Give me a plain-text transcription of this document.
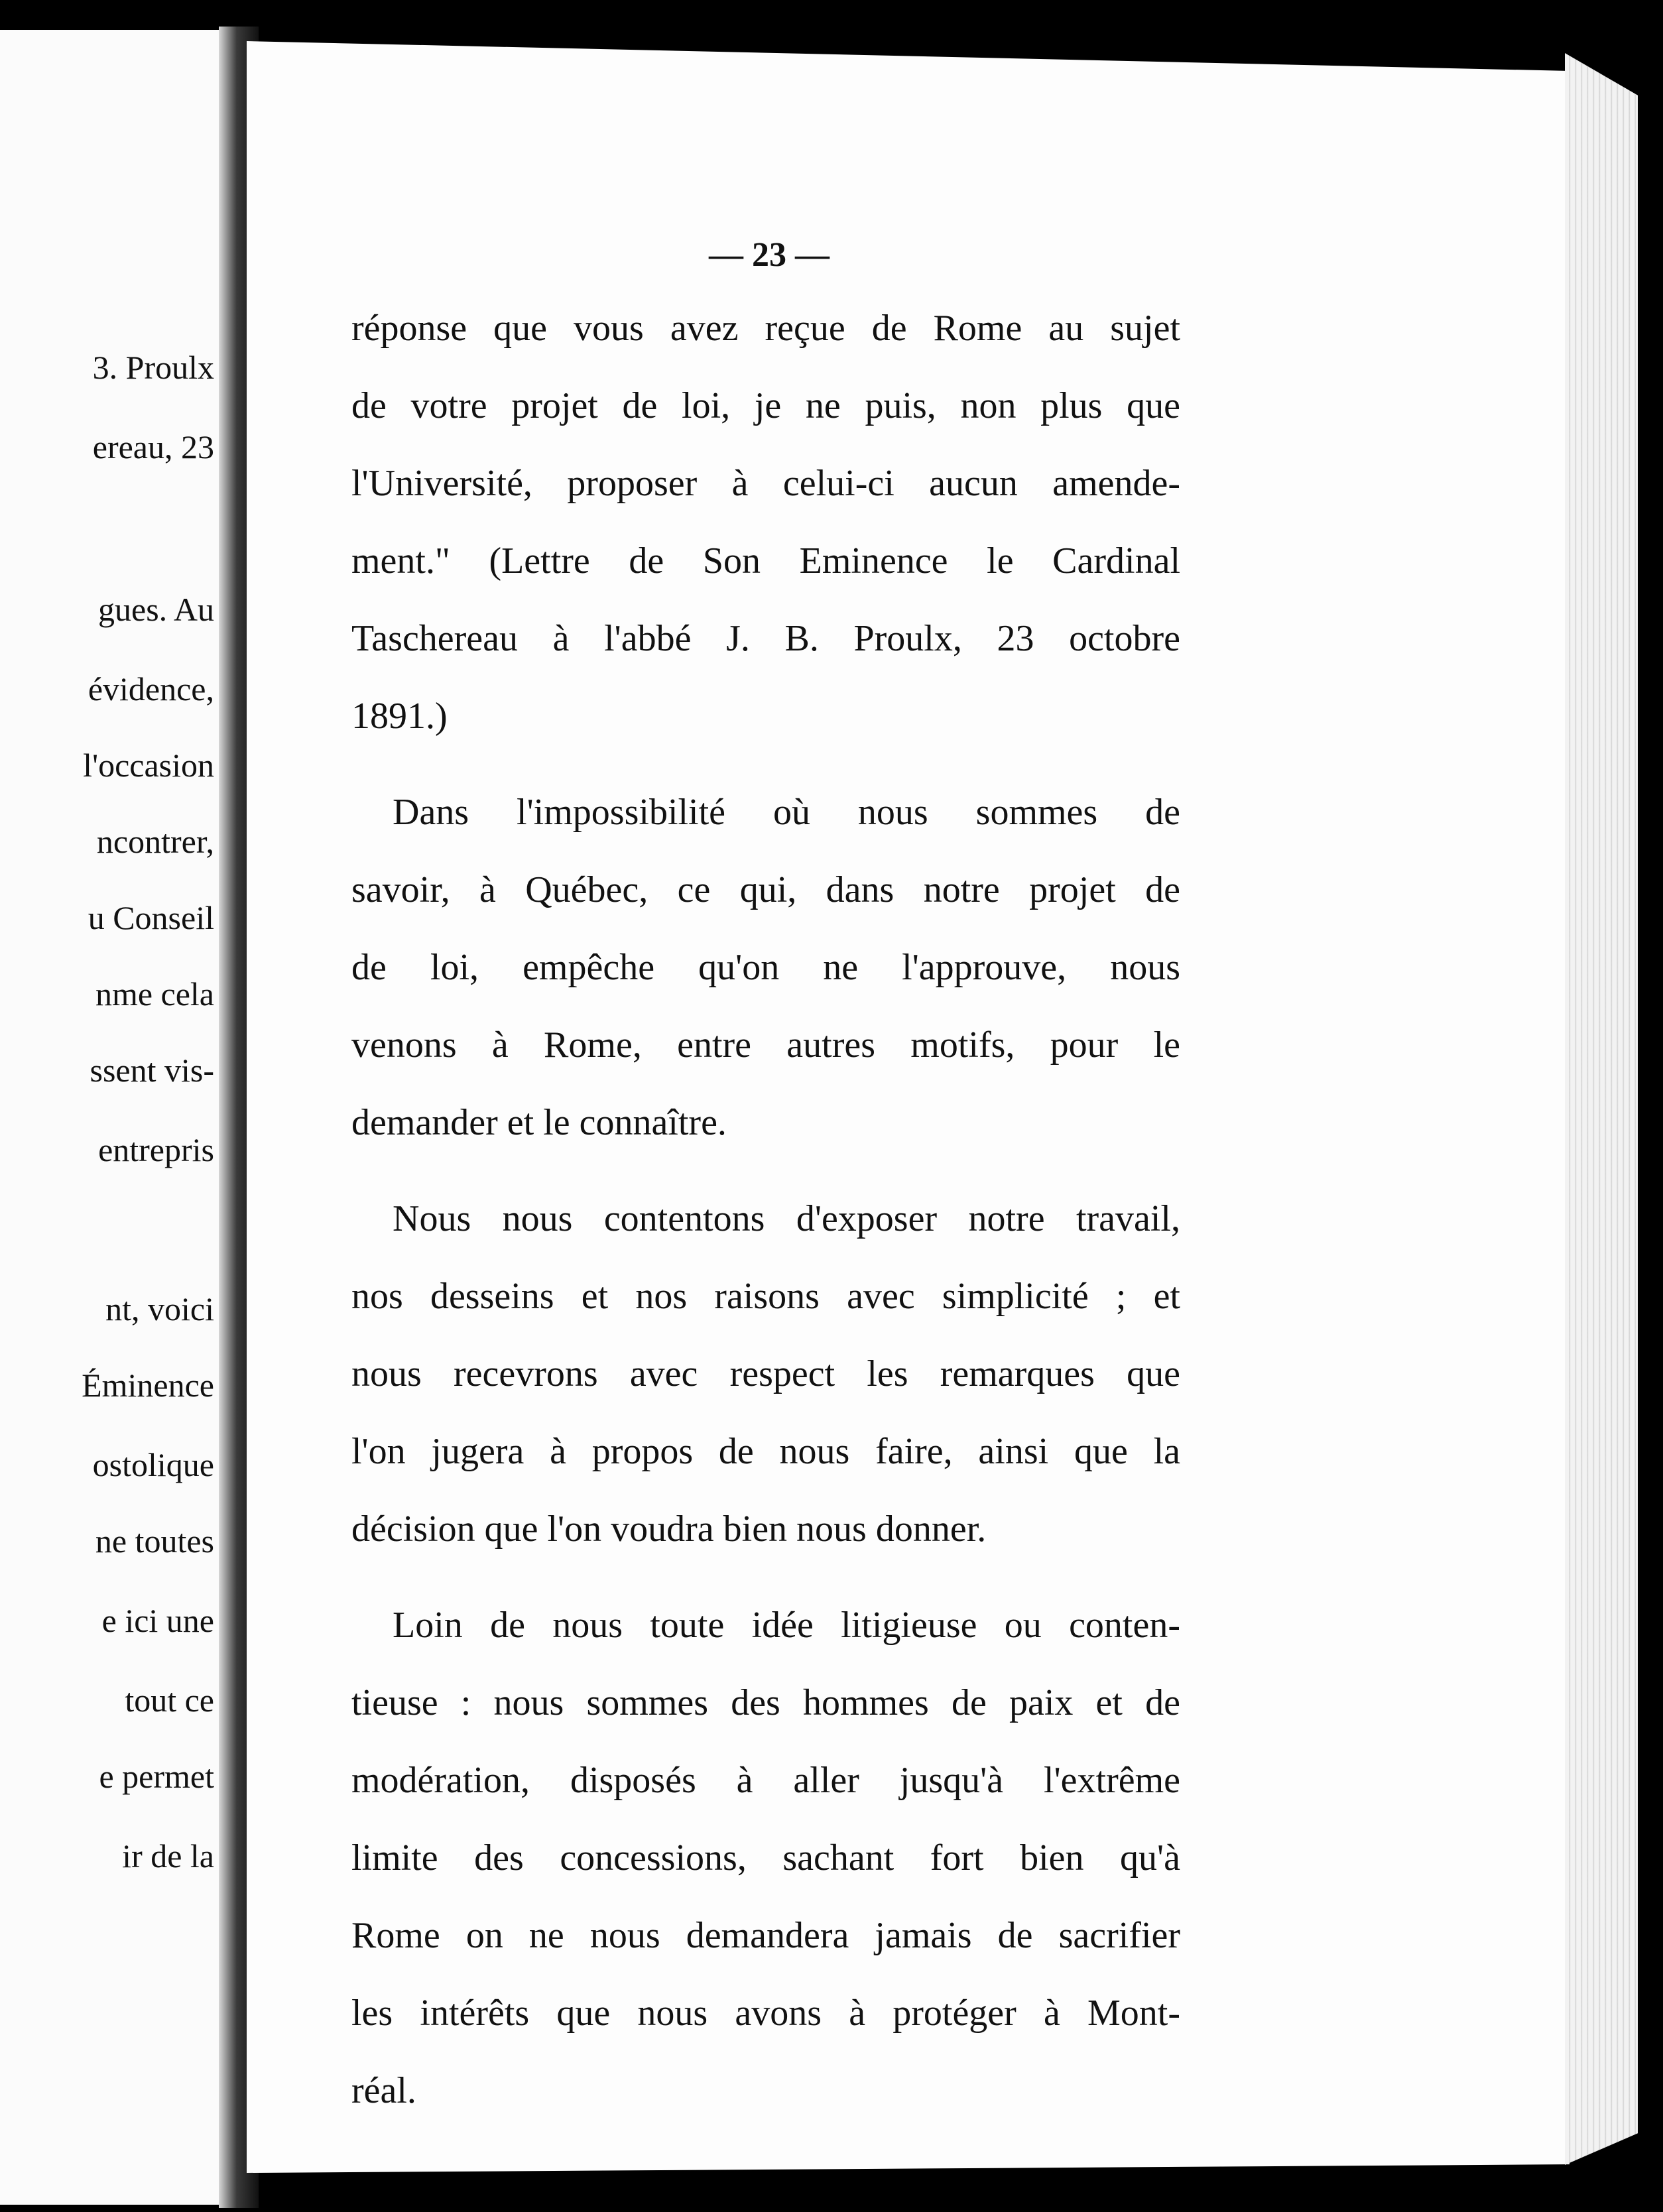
3. Proulx
ereau, 23
gues. Au
évidence,
l'occasion
ncontrer,
u Conseil
nme cela
ssent vis-
entrepris
nt, voici
Éminence
ostolique
ne toutes
e ici une
tout ce
e permet
ir de la
— 23 —
réponse que vous avez reçue de Rome au sujet
de votre projet de loi, je ne puis, non plus que
l'Université, proposer à celui-ci aucun amende-
ment." (Lettre de Son Eminence le Cardinal
Taschereau à l'abbé J. B. Proulx, 23 octobre
1891.)
Dans l'impossibilité où nous sommes de
savoir, à Québec, ce qui, dans notre projet de
de loi, empêche qu'on ne l'approuve, nous
venons à Rome, entre autres motifs, pour le
demander et le connaître.
Nous nous contentons d'exposer notre travail,
nos desseins et nos raisons avec simplicité ; et
nous recevrons avec respect les remarques que
l'on jugera à propos de nous faire, ainsi que la
décision que l'on voudra bien nous donner.
Loin de nous toute idée litigieuse ou conten-
tieuse : nous sommes des hommes de paix et de
modération, disposés à aller jusqu'à l'extrême
limite des concessions, sachant fort bien qu'à
Rome on ne nous demandera jamais de sacrifier
les intérêts que nous avons à protéger à Mont-
réal.
